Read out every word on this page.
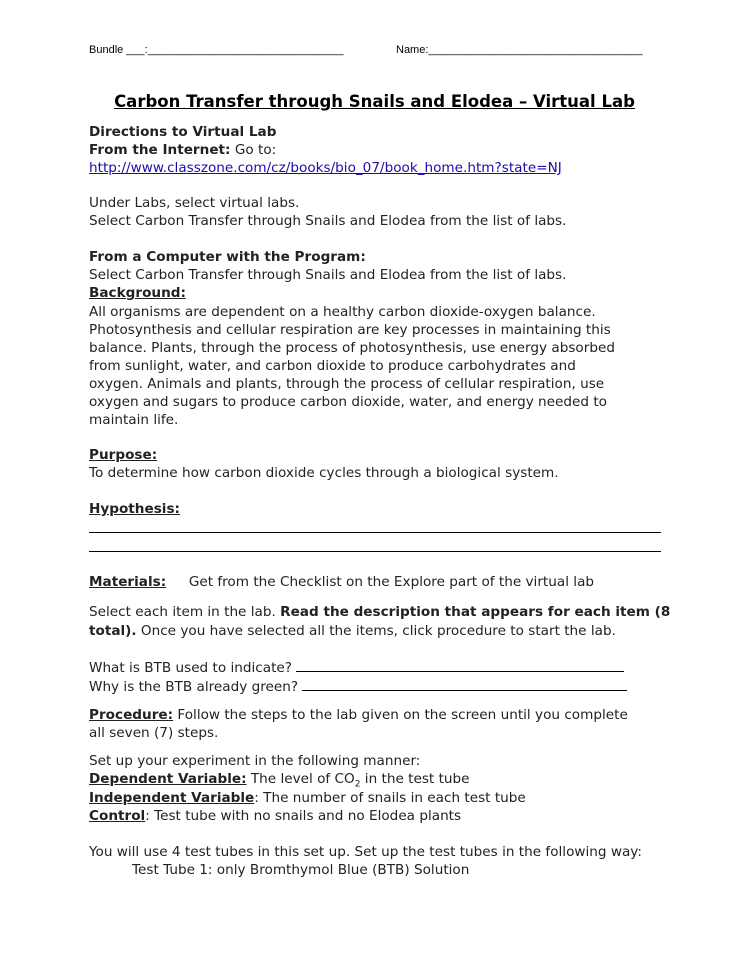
Bundle ___:________________________________	Name:___________________________________
Carbon Transfer through Snails and Elodea – Virtual Lab
Directions to Virtual Lab
From the Internet: Go to:
http://www.classzone.com/cz/books/bio_07/book_home.htm?state=NJ
Under Labs, select virtual labs.
Select Carbon Transfer through Snails and Elodea from the list of labs.
From a Computer with the Program:
Select Carbon Transfer through Snails and Elodea from the list of labs.
Background:
All organisms are dependent on a healthy carbon dioxide-oxygen balance.
Photosynthesis and cellular respiration are key processes in maintaining this
balance. Plants, through the process of photosynthesis, use energy absorbed
from sunlight, water, and carbon dioxide to produce carbohydrates and
oxygen. Animals and plants, through the process of cellular respiration, use
oxygen and sugars to produce carbon dioxide, water, and energy needed to
maintain life.
Purpose:
To determine how carbon dioxide cycles through a biological system.
Hypothesis:
Materials: Get from the Checklist on the Explore part of the virtual lab
Select each item in the lab. Read the description that appears for each item (8
total). Once you have selected all the items, click procedure to start the lab.
What is BTB used to indicate?
Why is the BTB already green?
Procedure: Follow the steps to the lab given on the screen until you complete
all seven (7) steps.
Set up your experiment in the following manner:
Dependent Variable: The level of $CO_2$ in the test tube
Independent Variable: The number of snails in each test tube
Control: Test tube with no snails and no Elodea plants
You will use 4 test tubes in this set up. Set up the test tubes in the following way:
Test Tube 1: only Bromthymol Blue (BTB) Solution
